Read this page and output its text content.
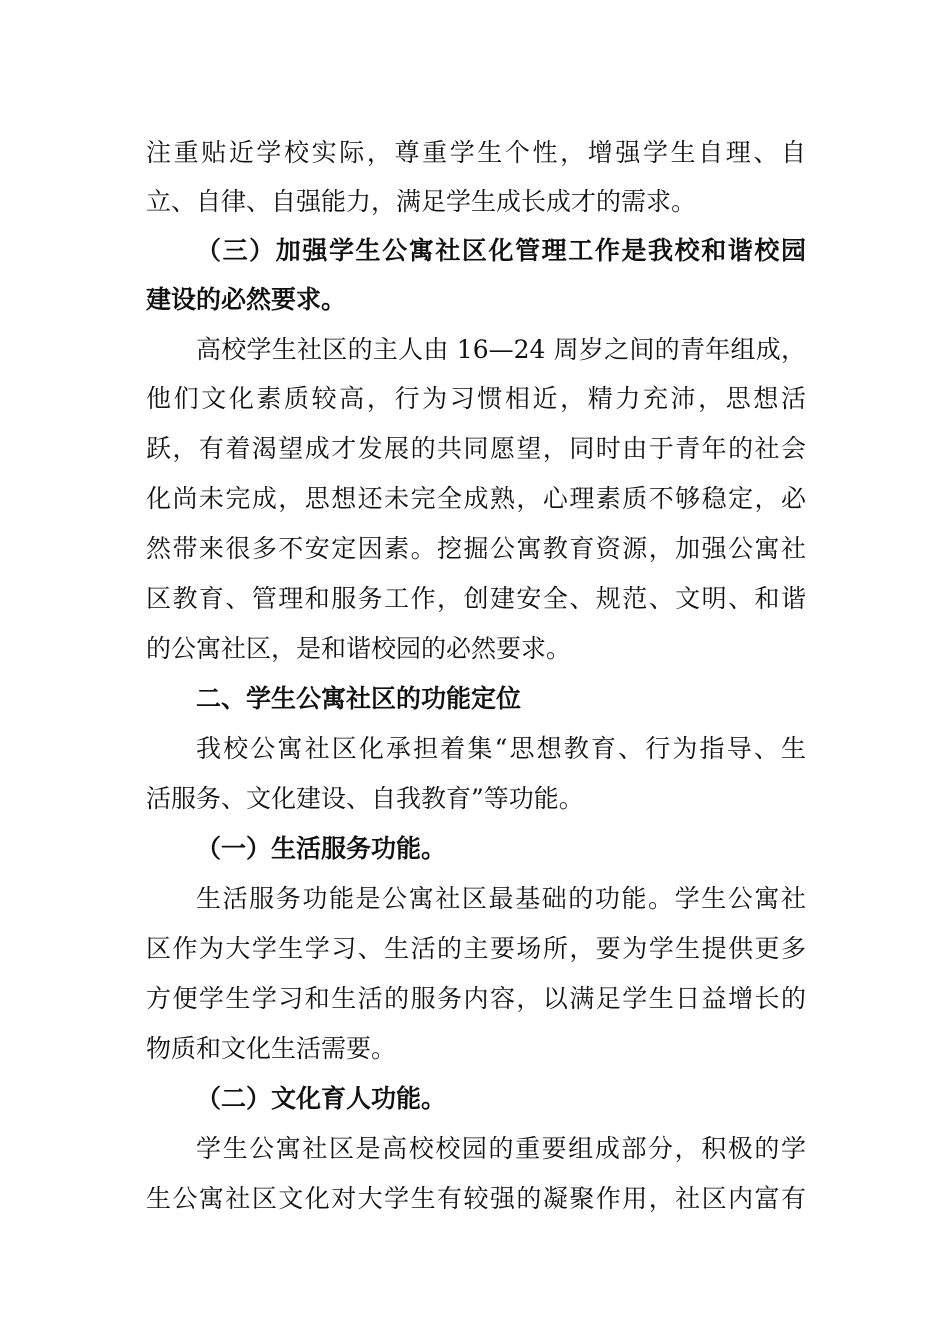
注重贴近学校实际，尊重学生个性，增强学生自理、自
立、自律、自强能力，满足学生成长成才的需求。
（三）加强学生公寓社区化管理工作是我校和谐校园
建设的必然要求。
高校学生社区的主人由 16—24 周岁之间的青年组成，
他们文化素质较高，行为习惯相近，精力充沛，思想活
跃，有着渴望成才发展的共同愿望，同时由于青年的社会
化尚未完成，思想还未完全成熟，心理素质不够稳定，必
然带来很多不安定因素。挖掘公寓教育资源，加强公寓社
区教育、管理和服务工作，创建安全、规范、文明、和谐
的公寓社区，是和谐校园的必然要求。
二、学生公寓社区的功能定位
我校公寓社区化承担着集“思想教育、行为指导、生
活服务、文化建设、自我教育”等功能。
（一）生活服务功能。
生活服务功能是公寓社区最基础的功能。学生公寓社
区作为大学生学习、生活的主要场所，要为学生提供更多
方便学生学习和生活的服务内容，以满足学生日益增长的
物质和文化生活需要。
（二）文化育人功能。
学生公寓社区是高校校园的重要组成部分，积极的学
生公寓社区文化对大学生有较强的凝聚作用，社区内富有
